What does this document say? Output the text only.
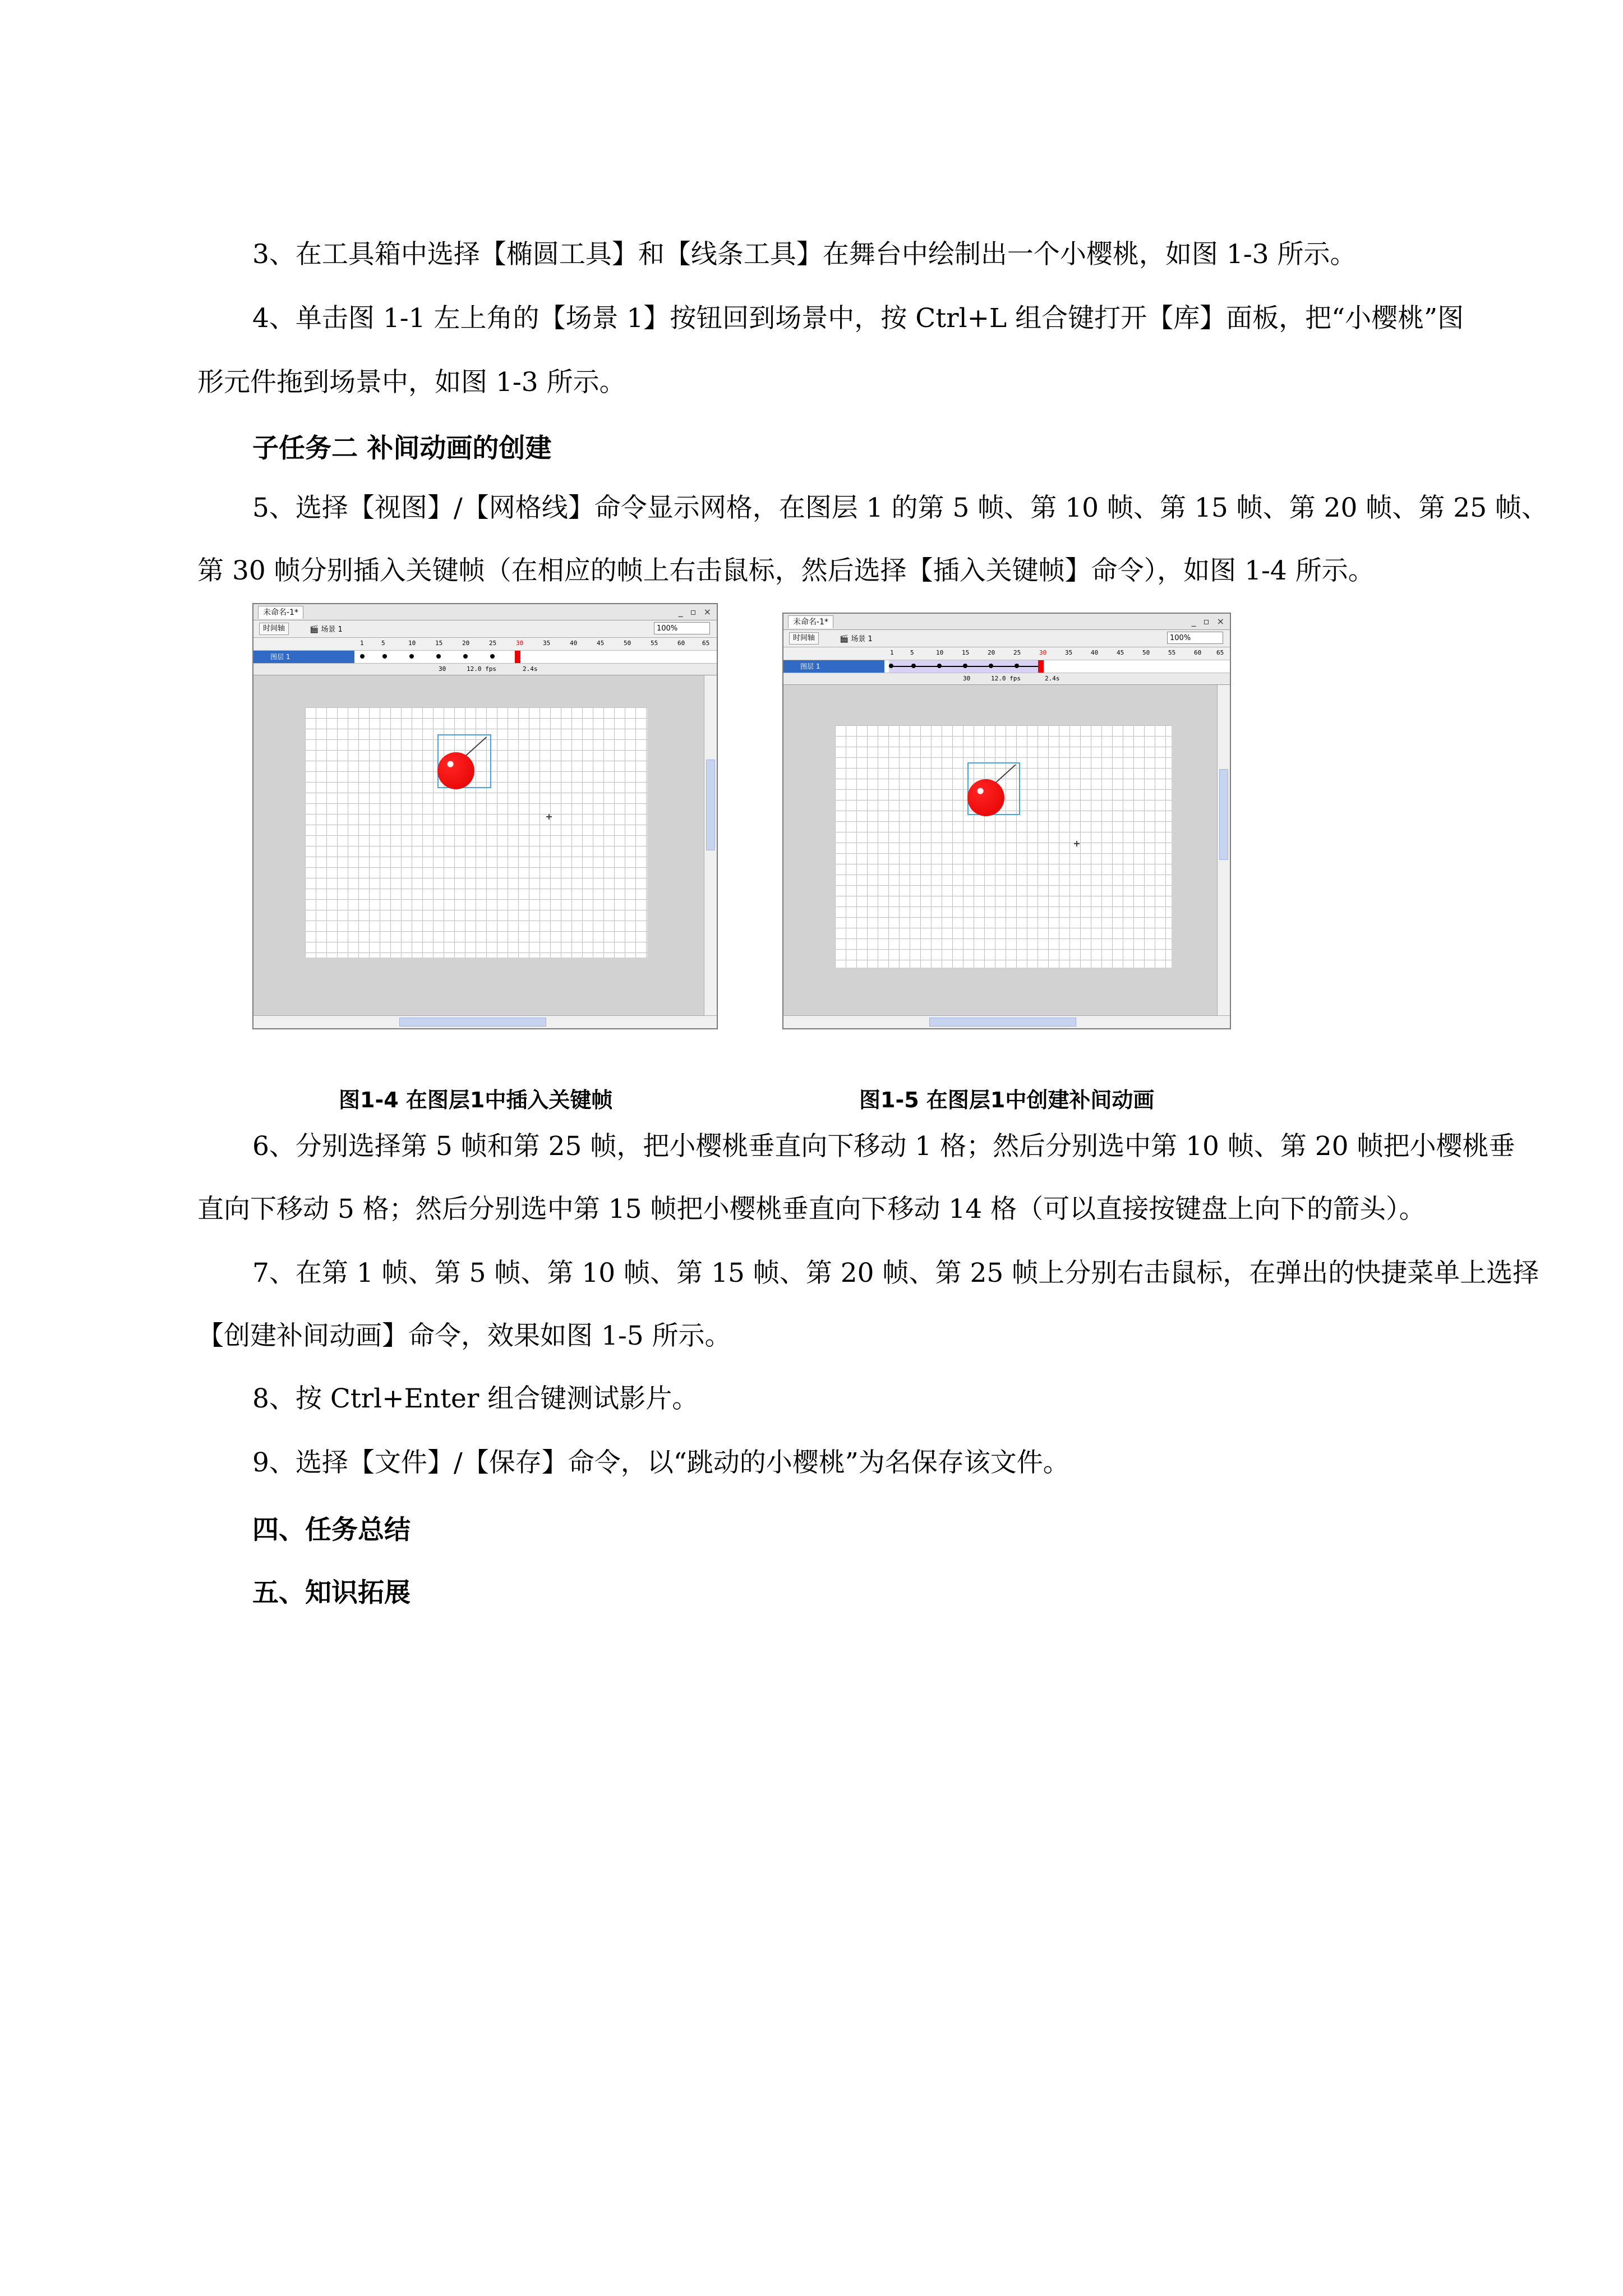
3、在工具箱中选择【椭圆工具】和【线条工具】在舞台中绘制出一个小樱桃，如图 1-3 所示。

4、单击图 1-1 左上角的【场景 1】按钮回到场景中，按 Ctrl+L 组合键打开【库】面板，把“小樱桃”图

形元件拖到场景中，如图 1-3 所示。

子任务二 补间动画的创建

5、选择【视图】/【网格线】命令显示网格，在图层 1 的第 5 帧、第 10 帧、第 15 帧、第 20 帧、第 25 帧、

第 30 帧分别插入关键帧（在相应的帧上右击鼠标，然后选择【插入关键帧】命令），如图 1-4 所示。

未命名-1*	_ ▫ ×
时间轴	🎬 场景 1	100%
1	5	10	15	20	25	30	35	40	45	50	55	60	65
图层 1
30	12.0 fps	2.4s
未命名-1*	_ ▫ ×
时间轴	🎬 场景 1	100%
1	5	10	15	20	25	30	35	40	45	50	55	60 65
图层 1
30	12.0 fps	2.4s
图1-4 在图层1中插入关键帧	图1-5 在图层1中创建补间动画

6、分别选择第 5 帧和第 25 帧，把小樱桃垂直向下移动 1 格；然后分别选中第 10 帧、第 20 帧把小樱桃垂

直向下移动 5 格；然后分别选中第 15 帧把小樱桃垂直向下移动 14 格（可以直接按键盘上向下的箭头）。

7、在第 1 帧、第 5 帧、第 10 帧、第 15 帧、第 20 帧、第 25 帧上分别右击鼠标，在弹出的快捷菜单上选择

【创建补间动画】命令，效果如图 1-5 所示。

8、按 Ctrl+Enter 组合键测试影片。

9、选择【文件】/【保存】命令，以“跳动的小樱桃”为名保存该文件。

四、任务总结

五、知识拓展
